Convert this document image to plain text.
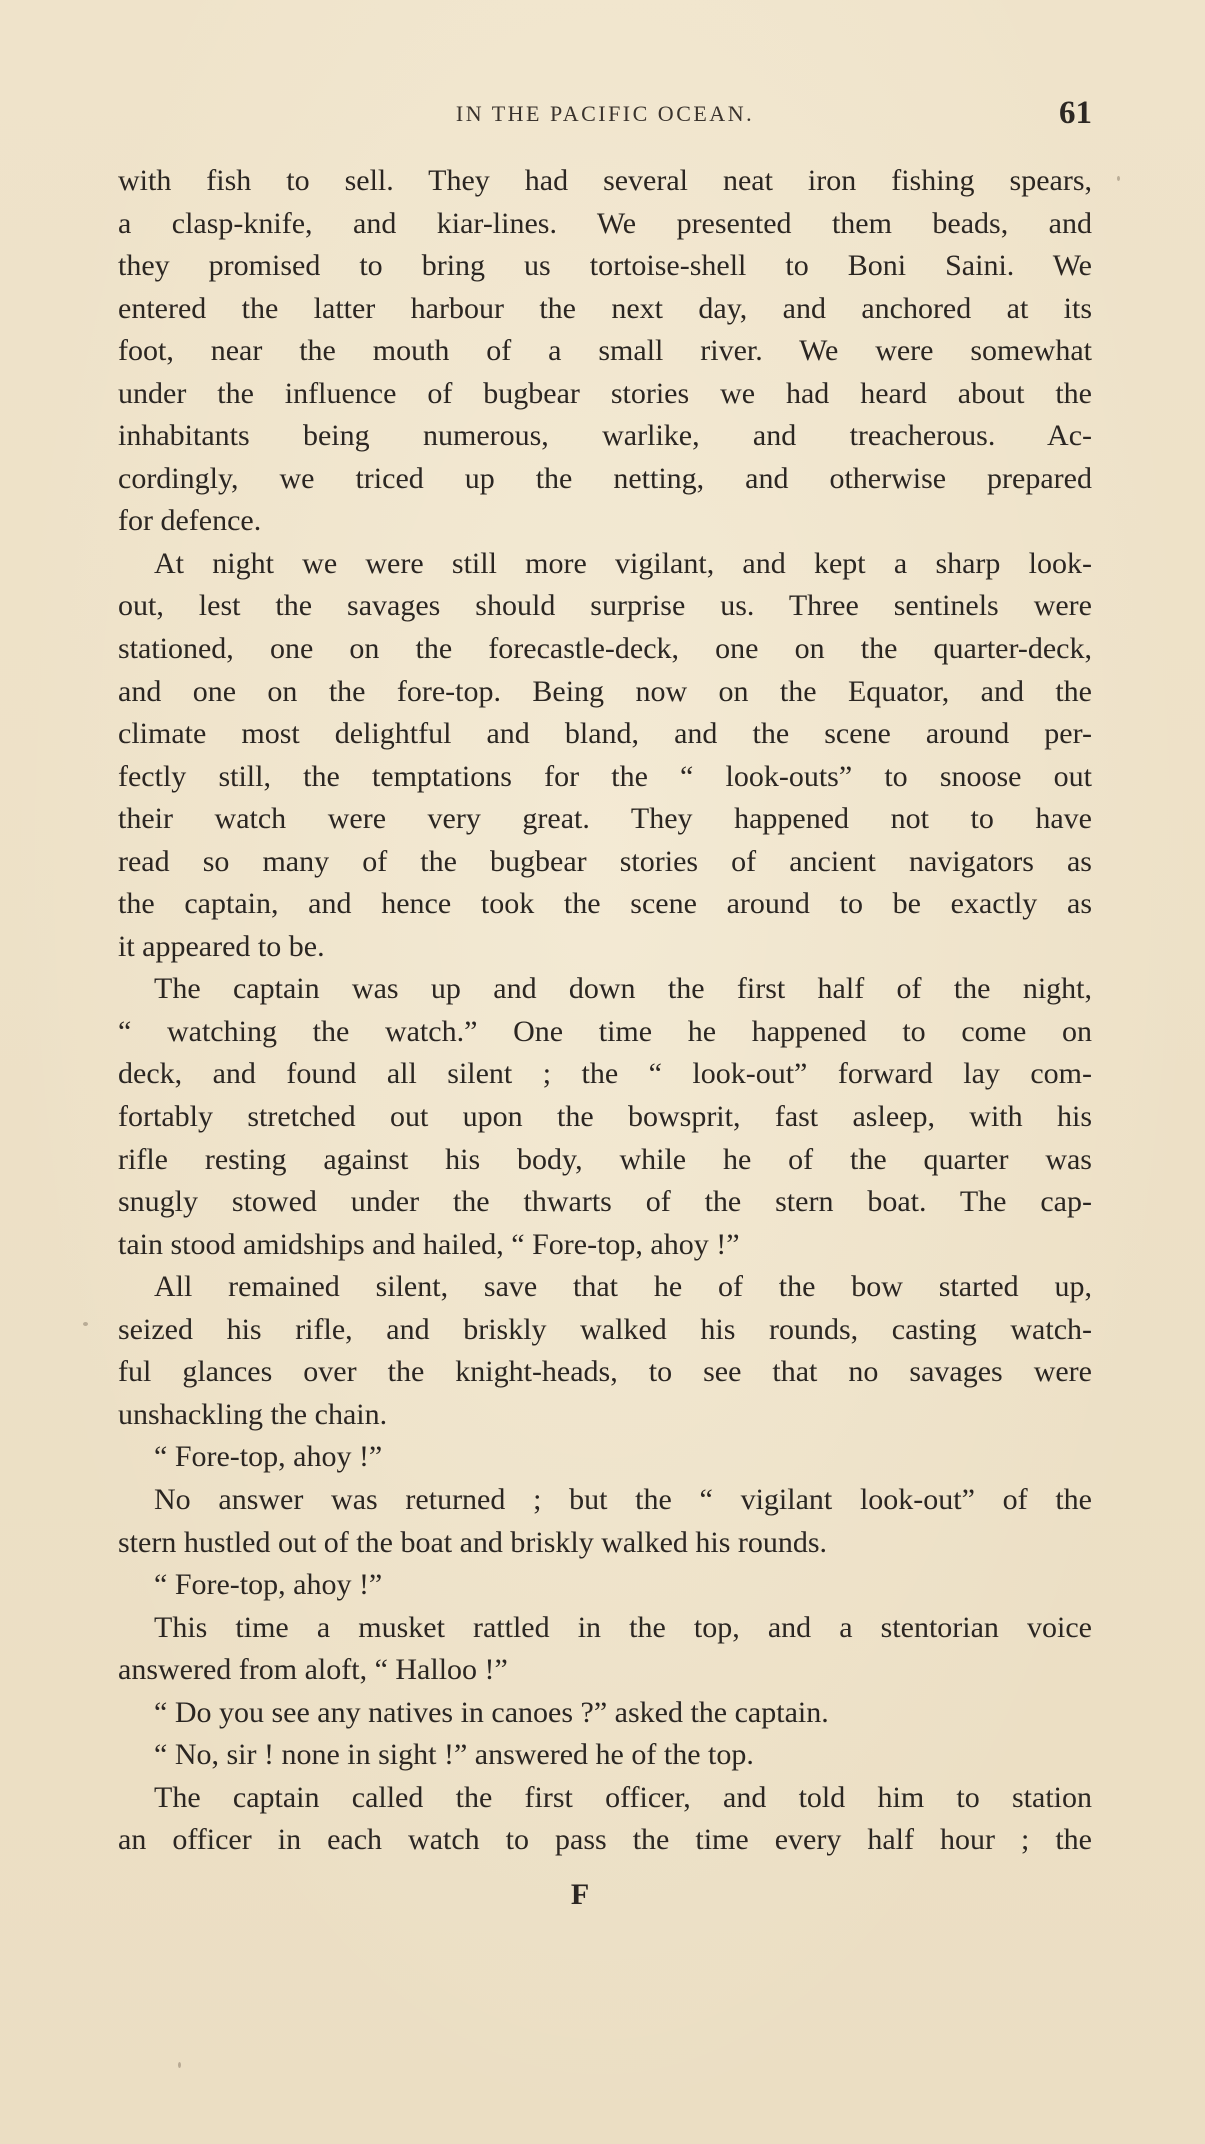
IN THE PACIFIC OCEAN.	61
with fish to sell. They had several neat iron fishing spears,
a clasp-knife, and kiar-lines. We presented them beads, and
they promised to bring us tortoise-shell to Boni Saini. We
entered the latter harbour the next day, and anchored at its
foot, near the mouth of a small river. We were somewhat
under the influence of bugbear stories we had heard about the
inhabitants being numerous, warlike, and treacherous. Ac-
cordingly, we triced up the netting, and otherwise prepared
for defence.
At night we were still more vigilant, and kept a sharp look-
out, lest the savages should surprise us. Three sentinels were
stationed, one on the forecastle-deck, one on the quarter-deck,
and one on the fore-top. Being now on the Equator, and the
climate most delightful and bland, and the scene around per-
fectly still, the temptations for the “ look-outs” to snoose out
their watch were very great. They happened not to have
read so many of the bugbear stories of ancient navigators as
the captain, and hence took the scene around to be exactly as
it appeared to be.
The captain was up and down the first half of the night,
“ watching the watch.” One time he happened to come on
deck, and found all silent ; the “ look-out” forward lay com-
fortably stretched out upon the bowsprit, fast asleep, with his
rifle resting against his body, while he of the quarter was
snugly stowed under the thwarts of the stern boat. The cap-
tain stood amidships and hailed, “ Fore-top, ahoy !”
All remained silent, save that he of the bow started up,
seized his rifle, and briskly walked his rounds, casting watch-
ful glances over the knight-heads, to see that no savages were
unshackling the chain.
“ Fore-top, ahoy !”
No answer was returned ; but the “ vigilant look-out” of the
stern hustled out of the boat and briskly walked his rounds.
“ Fore-top, ahoy !”
This time a musket rattled in the top, and a stentorian voice
answered from aloft, “ Halloo !”
“ Do you see any natives in canoes ?” asked the captain.
“ No, sir ! none in sight !” answered he of the top.
The captain called the first officer, and told him to station
an officer in each watch to pass the time every half hour ; the
F
